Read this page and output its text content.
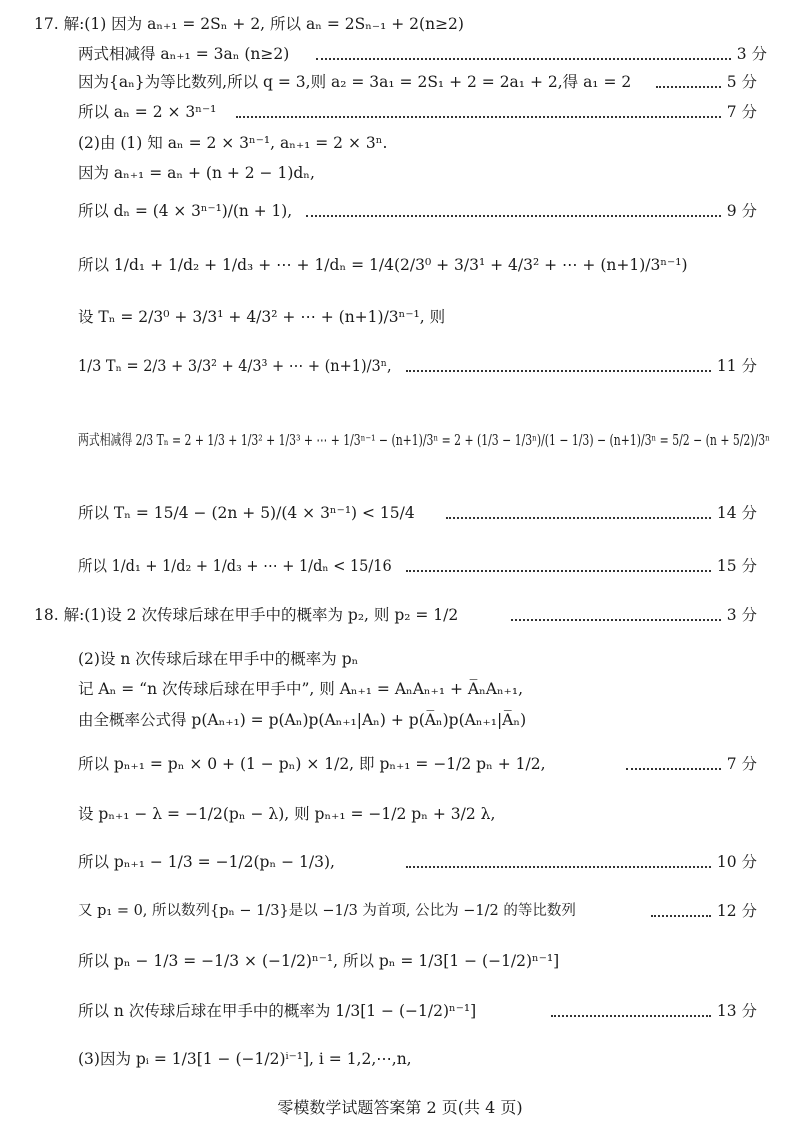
17. 解:(1) 因为 aₙ₊₁ = 2Sₙ + 2, 所以 aₙ = 2Sₙ₋₁ + 2(n≥2)
两式相减得 aₙ₊₁ = 3aₙ (n≥2)	3 分
因为{aₙ}为等比数列,所以 q = 3,则 a₂ = 3a₁ = 2S₁ + 2 = 2a₁ + 2,得 a₁ = 2	5 分
所以 aₙ = 2 × 3ⁿ⁻¹	7 分
(2)由 (1) 知 aₙ = 2 × 3ⁿ⁻¹, aₙ₊₁ = 2 × 3ⁿ.
因为 aₙ₊₁ = aₙ + (n + 2 − 1)dₙ,
所以 dₙ = (4 × 3ⁿ⁻¹)/(n + 1),	9 分
所以 1/d₁ + 1/d₂ + 1/d₃ + ⋯ + 1/dₙ = 1/4(2/3⁰ + 3/3¹ + 4/3² + ⋯ + (n+1)/3ⁿ⁻¹)
设 Tₙ = 2/3⁰ + 3/3¹ + 4/3² + ⋯ + (n+1)/3ⁿ⁻¹, 则
1/3 Tₙ = 2/3 + 3/3² + 4/3³ + ⋯ + (n+1)/3ⁿ,	11 分
两式相减得 2/3 Tₙ = 2 + 1/3 + 1/3² + 1/3³ + ⋯ + 1/3ⁿ⁻¹ − (n+1)/3ⁿ = 2 + (1/3 − 1/3ⁿ)/(1 − 1/3) − (n+1)/3ⁿ = 5/2 − (n + 5/2)/3ⁿ
所以 Tₙ = 15/4 − (2n + 5)/(4 × 3ⁿ⁻¹) < 15/4	14 分
所以 1/d₁ + 1/d₂ + 1/d₃ + ⋯ + 1/dₙ < 15/16	15 分
18. 解:(1)设 2 次传球后球在甲手中的概率为 p₂, 则 p₂ = 1/2	3 分
(2)设 n 次传球后球在甲手中的概率为 pₙ
记 Aₙ = “n 次传球后球在甲手中”, 则 Aₙ₊₁ = AₙAₙ₊₁ + A̅ₙAₙ₊₁,
由全概率公式得 p(Aₙ₊₁) = p(Aₙ)p(Aₙ₊₁|Aₙ) + p(A̅ₙ)p(Aₙ₊₁|A̅ₙ)
所以 pₙ₊₁ = pₙ × 0 + (1 − pₙ) × 1/2, 即 pₙ₊₁ = −1/2 pₙ + 1/2,	7 分
设 pₙ₊₁ − λ = −1/2(pₙ − λ), 则 pₙ₊₁ = −1/2 pₙ + 3/2 λ,
所以 pₙ₊₁ − 1/3 = −1/2(pₙ − 1/3),	10 分
又 p₁ = 0, 所以数列{pₙ − 1/3}是以 −1/3 为首项, 公比为 −1/2 的等比数列	12 分
所以 pₙ − 1/3 = −1/3 × (−1/2)ⁿ⁻¹, 所以 pₙ = 1/3[1 − (−1/2)ⁿ⁻¹]
所以 n 次传球后球在甲手中的概率为 1/3[1 − (−1/2)ⁿ⁻¹]	13 分
(3)因为 pᵢ = 1/3[1 − (−1/2)ⁱ⁻¹], i = 1,2,⋯,n,
零模数学试题答案第 2 页(共 4 页)
